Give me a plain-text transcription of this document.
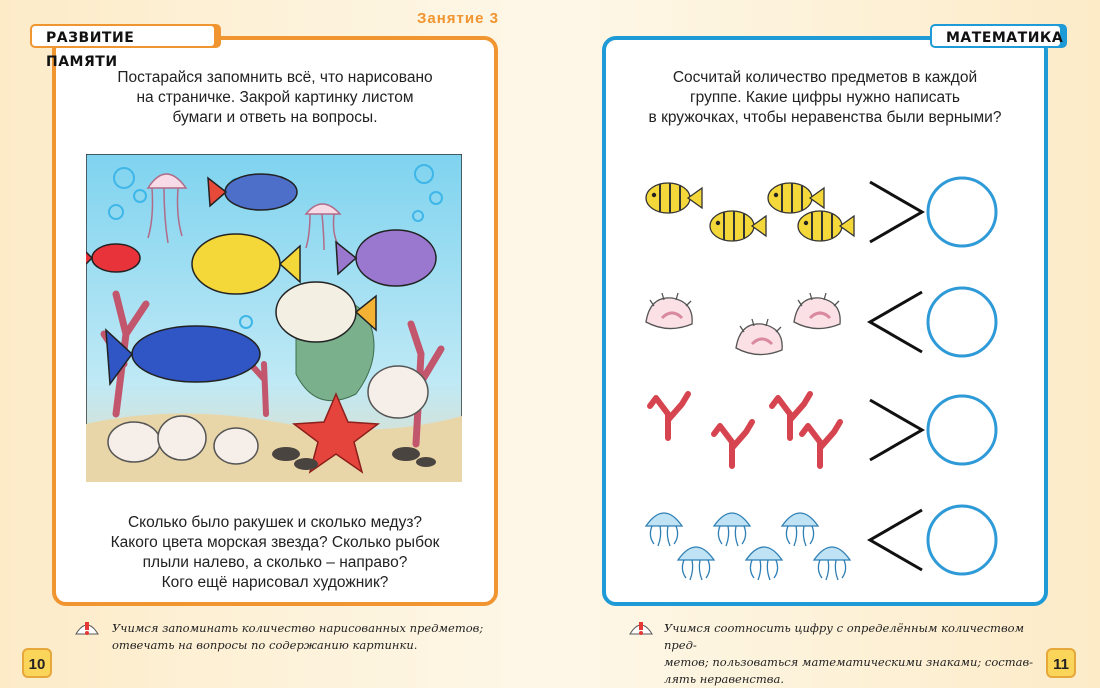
РАЗВИТИЕ ПАМЯТИ
Занятие 3
Постарайся запомнить всё, что нарисовано
на страничке. Закрой картинку листом
бумаги и ответь на вопросы.
Сколько было ракушек и сколько медуз?
Какого цвета морская звезда? Сколько рыбок
плыли налево, а сколько – направо?
Кого ещё нарисовал художник?
Учимся запоминать количество нарисованных предметов;
отвечать на вопросы по содержанию картинки.
10
МАТЕМАТИКА
Сосчитай количество предметов в каждой
группе. Какие цифры нужно написать
в кружочках, чтобы неравенства были верными?
Учимся соотносить цифру с определённым количеством пред-
метов; пользоваться математическими знаками; состав-
лять неравенства.
11
